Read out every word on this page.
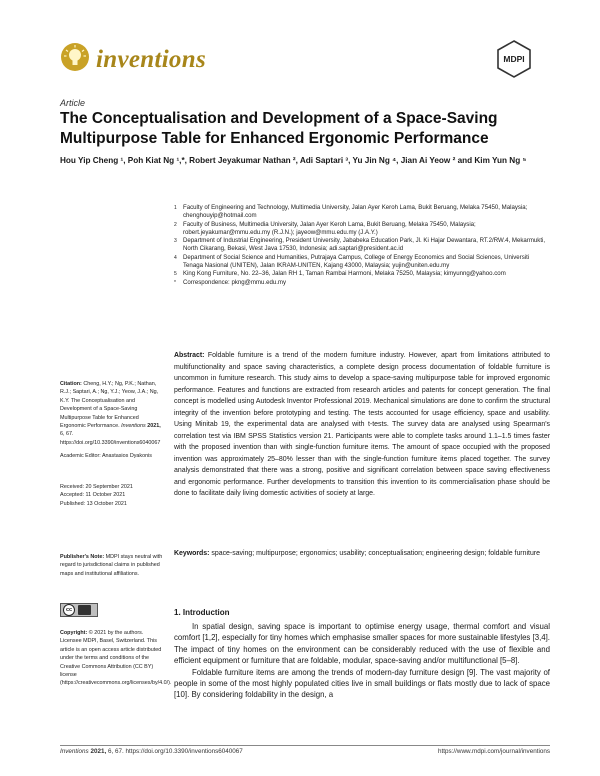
inventions	MDPI
Article
The Conceptualisation and Development of a Space-Saving Multipurpose Table for Enhanced Ergonomic Performance
Hou Yip Cheng ¹, Poh Kiat Ng ¹,*, Robert Jeyakumar Nathan ², Adi Saptari ³, Yu Jin Ng ⁴, Jian Ai Yeow ² and Kim Yun Ng ⁵
1 Faculty of Engineering and Technology, Multimedia University, Jalan Ayer Keroh Lama, Bukit Beruang, Melaka 75450, Malaysia; chenghouyip@hotmail.com
2 Faculty of Business, Multimedia University, Jalan Ayer Keroh Lama, Bukit Beruang, Melaka 75450, Malaysia; robert.jeyakumar@mmu.edu.my (R.J.N.); jayeow@mmu.edu.my (J.A.Y.)
3 Department of Industrial Engineering, President University, Jababeka Education Park, Jl. Ki Hajar Dewantara, RT.2/RW.4, Mekarmukti, North Cikarang, Bekasi, West Java 17530, Indonesia; adi.saptari@president.ac.id
4 Department of Social Science and Humanities, Putrajaya Campus, College of Energy Economics and Social Sciences, Universiti Tenaga Nasional (UNITEN), Jalan IKRAM-UNITEN, Kajang 43000, Malaysia; yujin@uniten.edu.my
5 King Kong Furniture, No. 22–36, Jalan RH 1, Taman Rambai Harmoni, Melaka 75250, Malaysia; kimyunng@yahoo.com
* Correspondence: pkng@mmu.edu.my
Abstract: Foldable furniture is a trend of the modern furniture industry. However, apart from limitations attributed to multifunctionality and space saving characteristics, a complete design process documentation of foldable furniture is uncommon in furniture research. This study aims to develop a space-saving multipurpose table for improved ergonomic performance. Features and functions are extracted from research articles and patents for concept generation. The final concept is modelled using Autodesk Inventor Professional 2019. Mechanical simulations are done to confirm the structural integrity of the invention before prototyping and testing. The tests accounted for usage efficiency, space and usability. Using Minitab 19, the experimental data are analysed with t-tests. The survey data are analysed using Spearman's correlation test via IBM SPSS Statistics version 21. Participants were able to complete tasks around 1.1–1.5 times faster with the proposed invention than with single-function furniture items. The amount of space occupied with the proposed invention was approximately 25–80% lesser than with the single-function furniture items placed together. The survey analysis demonstrated that there was a strong, positive and significant correlation between space saving effectiveness and ergonomic performance. Further developments to transition this invention to its commercialisation phase should be done to facilitate daily living domestic activities of society at large.
Keywords: space-saving; multipurpose; ergonomics; usability; conceptualisation; engineering design; foldable furniture
Citation: Cheng, H.Y.; Ng, P.K.; Nathan, R.J.; Saptari, A.; Ng, Y.J.; Yeow, J.A.; Ng, K.Y. The Conceptualisation and Development of a Space-Saving Multipurpose Table for Enhanced Ergonomic Performance. Inventions 2021, 6, 67. https://doi.org/10.3390/inventions6040067
Academic Editor: Anastasios Dyakonis
Received: 20 September 2021
Accepted: 11 October 2021
Published: 13 October 2021
Publisher's Note: MDPI stays neutral with regard to jurisdictional claims in published maps and institutional affiliations.
cc
Copyright: © 2021 by the authors. Licensee MDPI, Basel, Switzerland. This article is an open access article distributed under the terms and conditions of the Creative Commons Attribution (CC BY) license (https://creativecommons.org/licenses/by/4.0/).
1. Introduction

In spatial design, saving space is important to optimise energy usage, thermal comfort and visual comfort [1,2], especially for tiny homes which emphasise smaller spaces for more sustainable lifestyles [3,4]. The impact of tiny homes on the environment can be considerably reduced with the use of flexible and efficient equipment or furniture that are foldable, modular, space-saving and/or multifunctional [5–8].

Foldable furniture items are among the trends of modern-day furniture design [9]. The vast majority of people in some of the most highly populated cities live in small buildings or flats mostly due to lack of space [10]. By considering foldability in the design, a

Inventions 2021, 6, 67. https://doi.org/10.3390/inventions6040067	https://www.mdpi.com/journal/inventions
